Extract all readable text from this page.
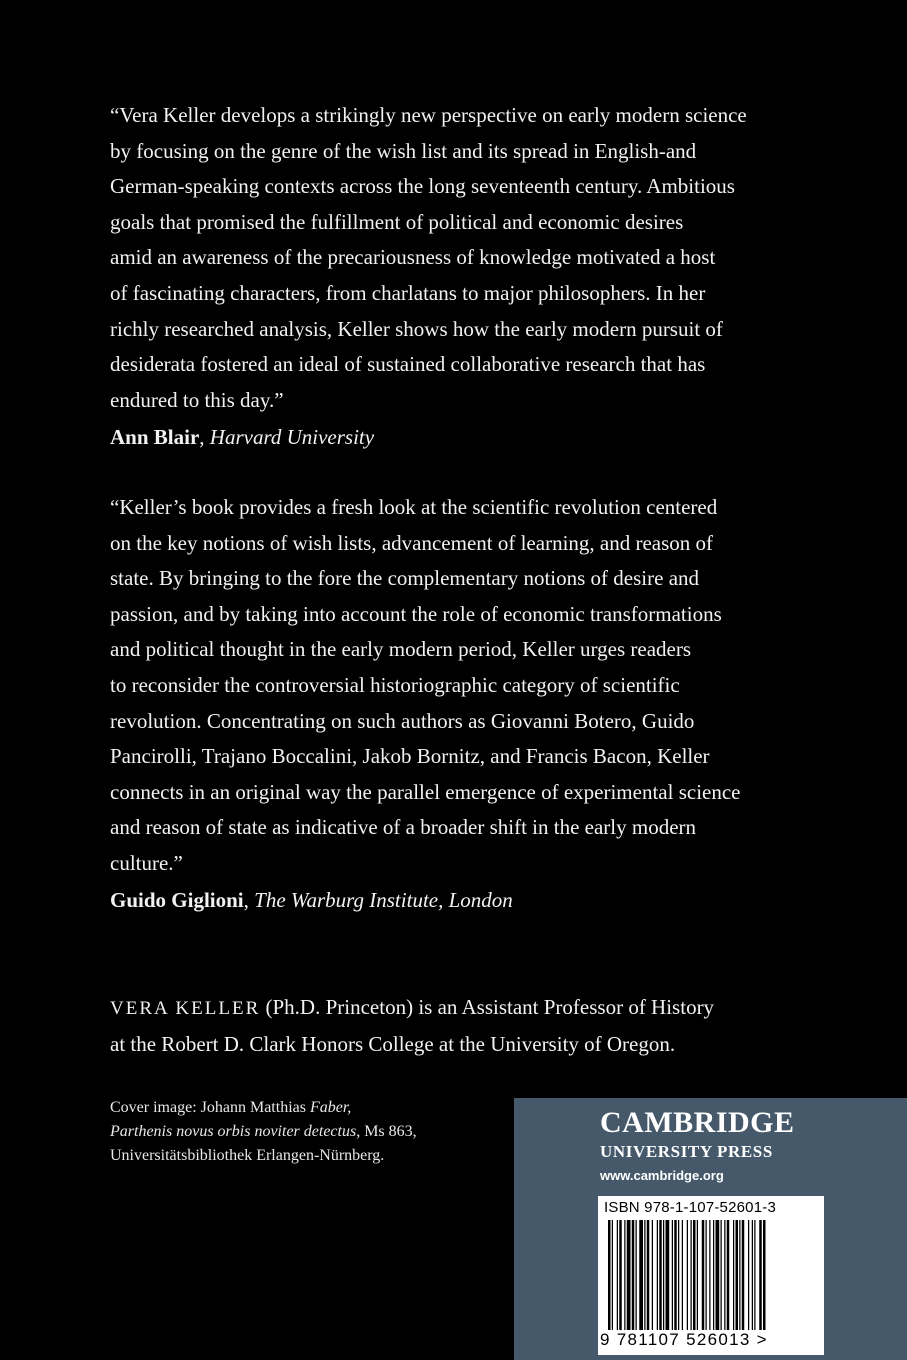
“Vera Keller develops a strikingly new perspective on early modern science
by focusing on the genre of the wish list and its spread in English-and
German-speaking contexts across the long seventeenth century. Ambitious
goals that promised the fulfillment of political and economic desires
amid an awareness of the precariousness of knowledge motivated a host
of fascinating characters, from charlatans to major philosophers. In her
richly researched analysis, Keller shows how the early modern pursuit of
desiderata fostered an ideal of sustained collaborative research that has
endured to this day.”

Ann Blair, Harvard University

“Keller’s book provides a fresh look at the scientific revolution centered
on the key notions of wish lists, advancement of learning, and reason of
state. By bringing to the fore the complementary notions of desire and
passion, and by taking into account the role of economic transformations
and political thought in the early modern period, Keller urges readers
to reconsider the controversial historiographic category of scientific
revolution. Concentrating on such authors as Giovanni Botero, Guido
Pancirolli, Trajano Boccalini, Jakob Bornitz, and Francis Bacon, Keller
connects in an original way the parallel emergence of experimental science
and reason of state as indicative of a broader shift in the early modern
culture.”

Guido Giglioni, The Warburg Institute, London
VERA KELLER (Ph.D. Princeton) is an Assistant Professor of History
at the Robert D. Clark Honors College at the University of Oregon.
Cover image: Johann Matthias Faber,
Parthenis novus orbis noviter detectus, Ms 863,
Universitätsbibliothek Erlangen-Nürnberg.
CAMBRIDGE
UNIVERSITY PRESS
www.cambridge.org
ISBN 978-1-107-52601-3
9 781107 526013 >
